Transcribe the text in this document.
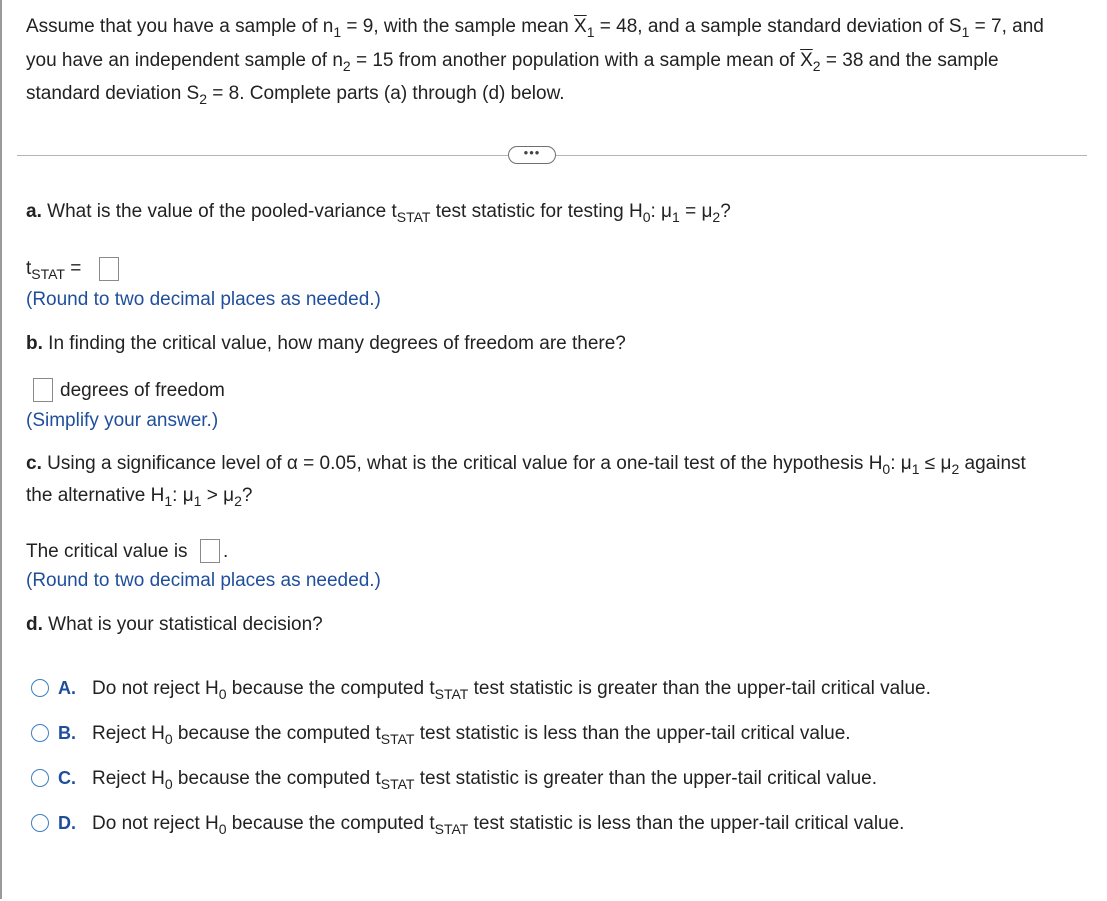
Assume that you have a sample of $n_1 = 9$, with the sample mean $\overline{X}_1 = 48$, and a sample standard deviation of $S_1 = 7$, and
you have an independent sample of $n_2 = 15$ from another population with a sample mean of $\overline{X}_2 = 38$ and the sample
standard deviation $S_2 = 8$. Complete parts (a) through (d) below.
•••
a. What is the value of the pooled-variance $t_{STAT}$ test statistic for testing $H_0$: $\mu_1 = \mu_2$?
$t_{STAT}$ =
(Round to two decimal places as needed.)
b. In finding the critical value, how many degrees of freedom are there?
degrees of freedom
(Simplify your answer.)
c. Using a significance level of α = 0.05, what is the critical value for a one-tail test of the hypothesis $H_0$: $\mu_1 \le \mu_2$ against
the alternative $H_1$: $\mu_1 > \mu_2$?
The critical value is .
(Round to two decimal places as needed.)
d. What is your statistical decision?
A. Do not reject $H_0$ because the computed $t_{STAT}$ test statistic is greater than the upper-tail critical value.
B. Reject $H_0$ because the computed $t_{STAT}$ test statistic is less than the upper-tail critical value.
C. Reject $H_0$ because the computed $t_{STAT}$ test statistic is greater than the upper-tail critical value.
D. Do not reject $H_0$ because the computed $t_{STAT}$ test statistic is less than the upper-tail critical value.
